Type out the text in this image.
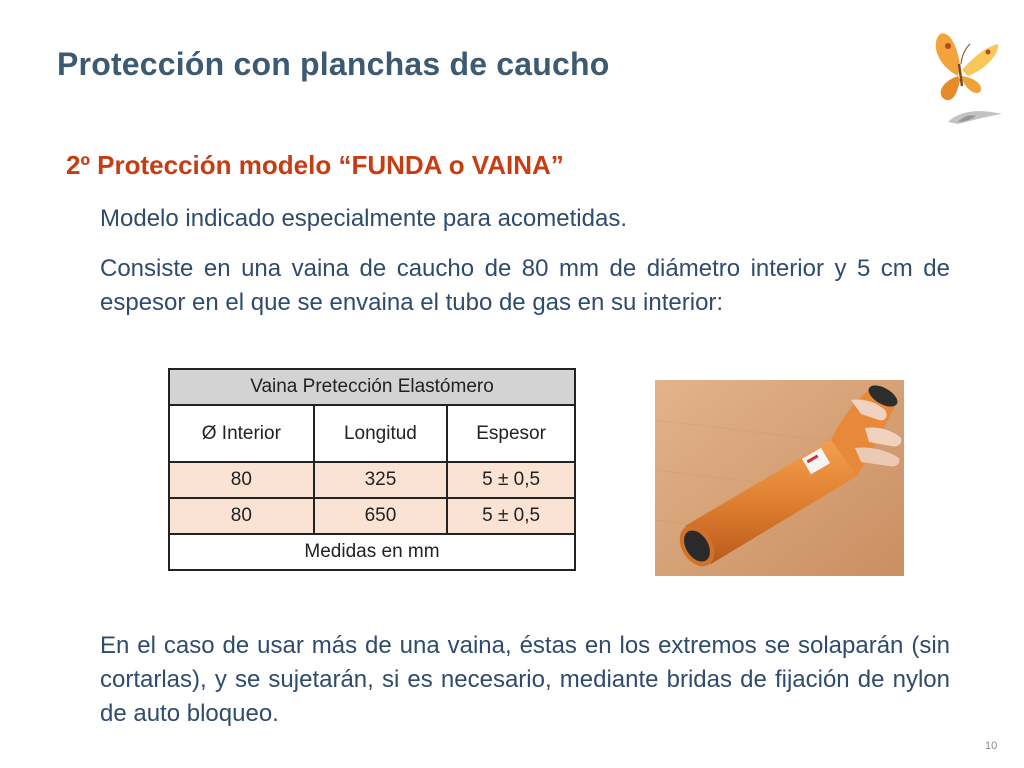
Protección con planchas de caucho
2º Protección modelo “FUNDA o VAINA”
Modelo indicado especialmente para acometidas.
Consiste en una vaina de caucho de 80 mm de diámetro interior y 5 cm de espesor en el que se envaina el tubo de gas en su interior:
Vaina Pretección Elastómero		
Ø Interior	Longitud	Espesor
80	325	5 ± 0,5
80	650	5 ± 0,5
Medidas en mm		
En el caso de usar más de una vaina, éstas en los extremos se solaparán (sin cortarlas), y se sujetarán, si es necesario, mediante bridas de fijación de nylon de auto bloqueo.
10
